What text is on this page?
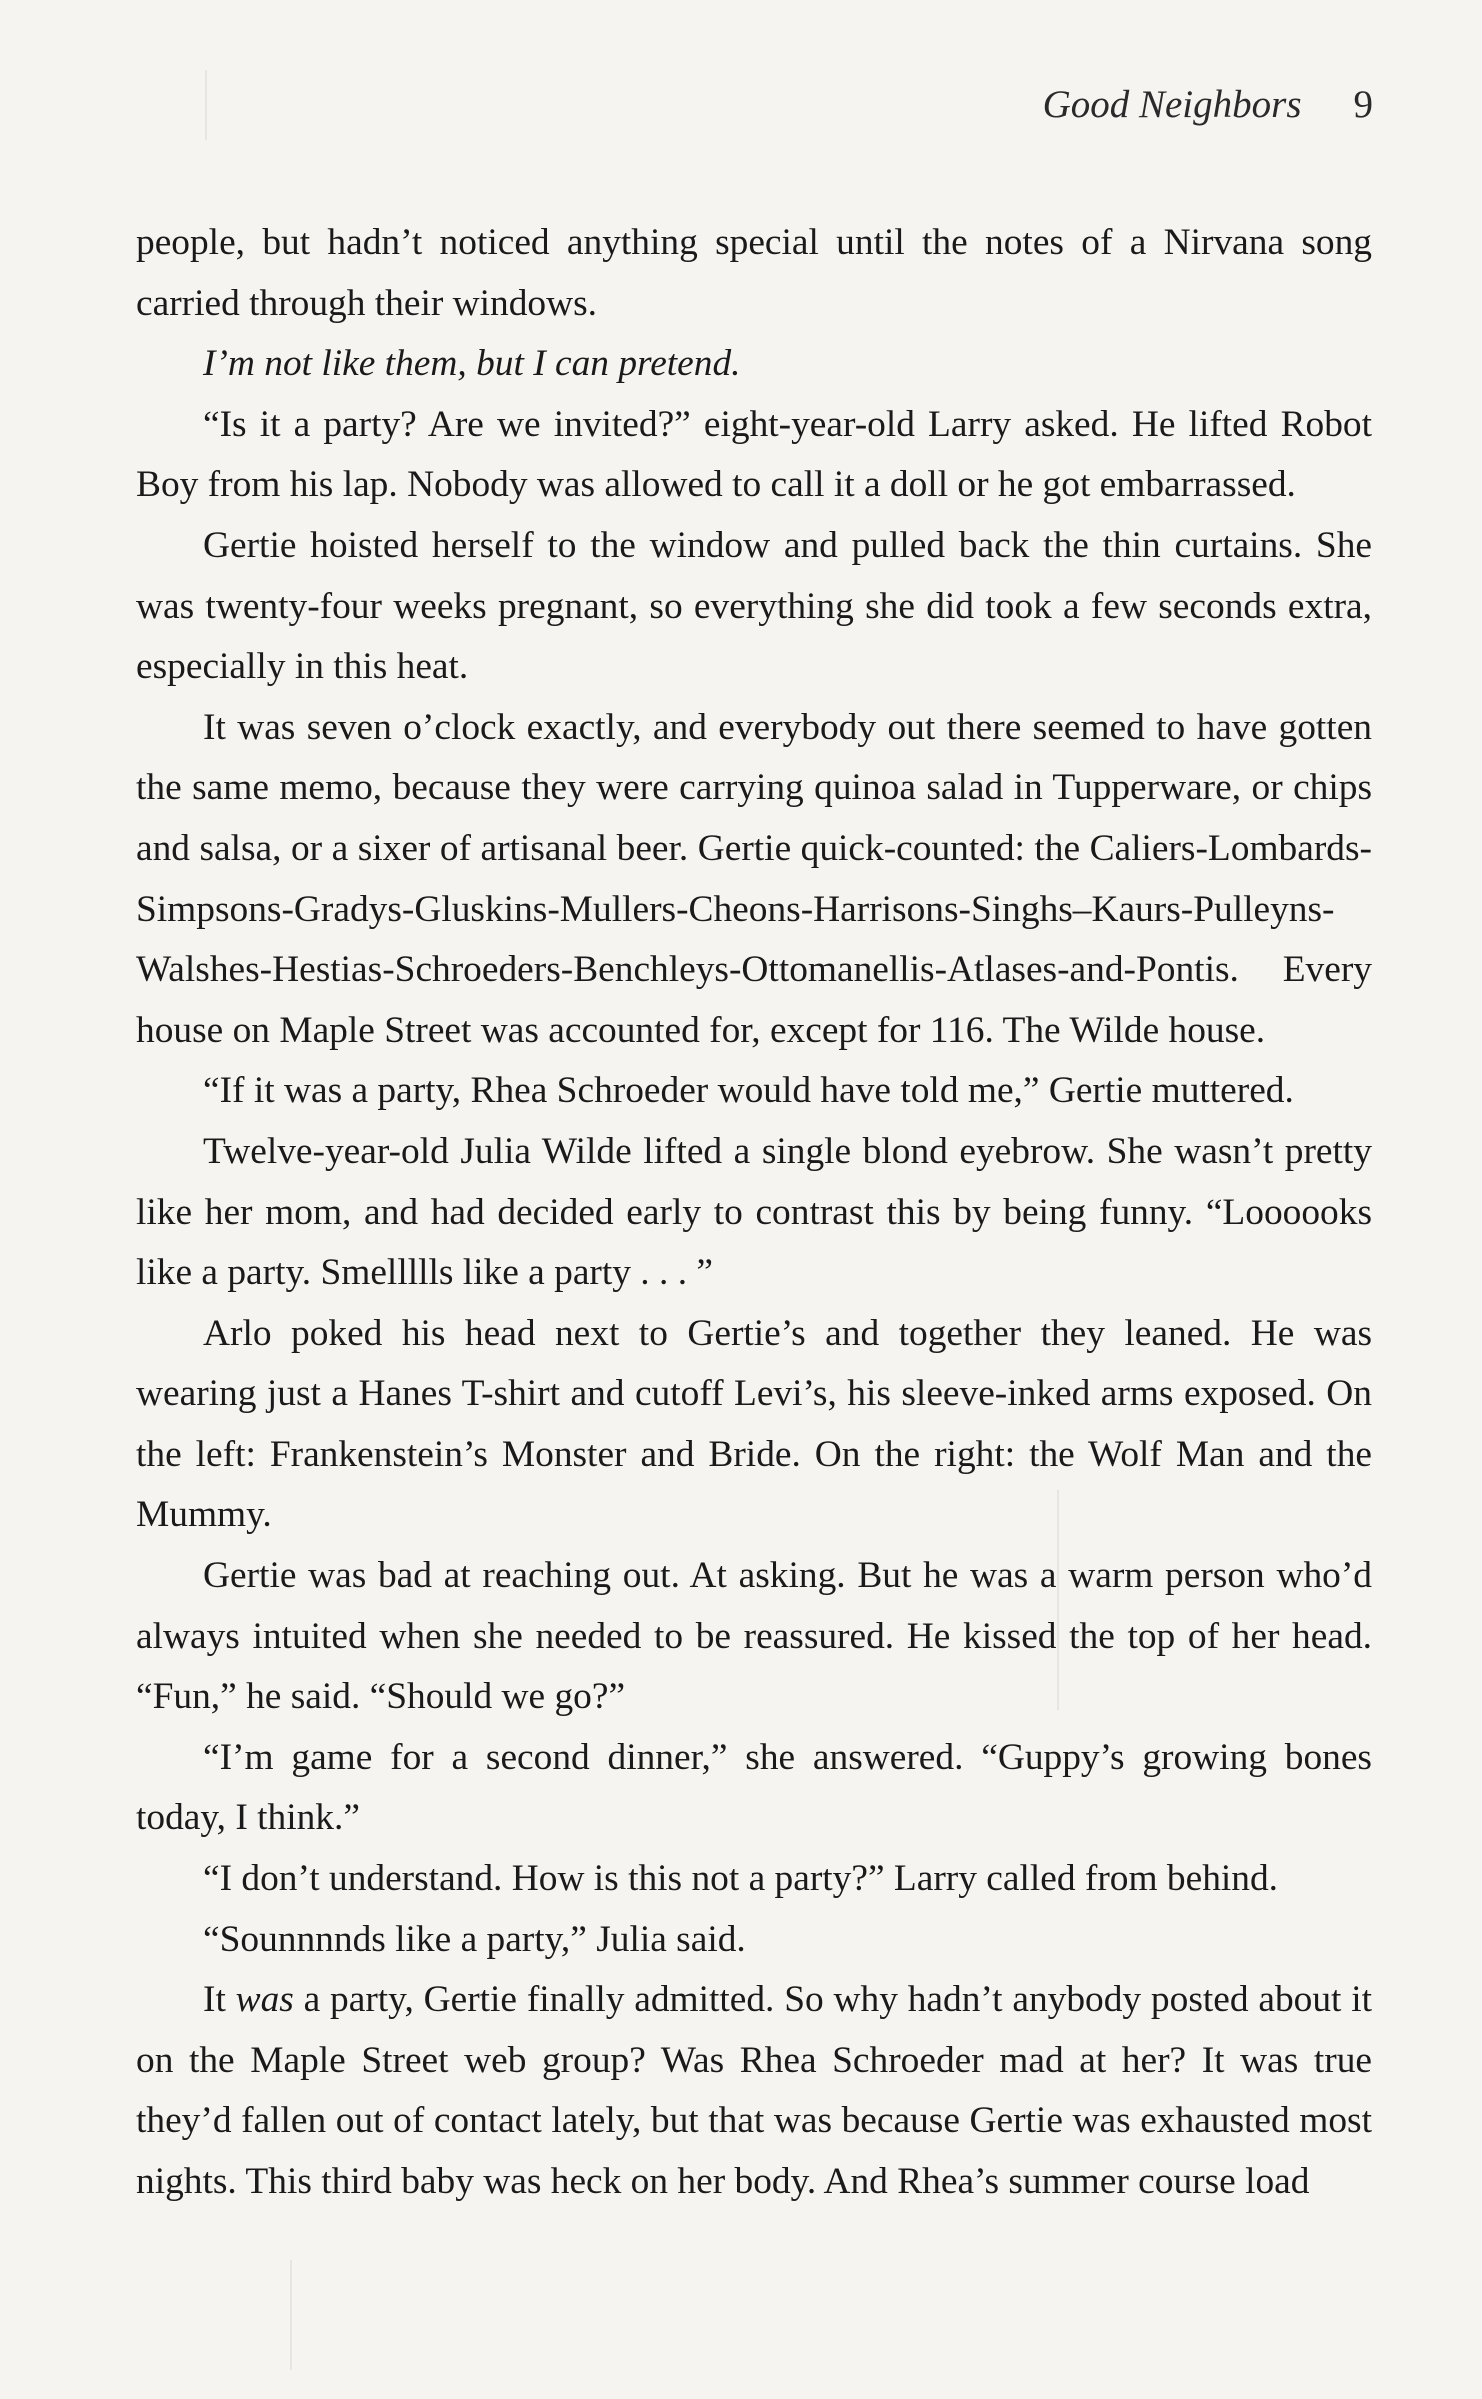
Good Neighbors 9

people, but hadn’t noticed anything special until the notes of a Nirvana song carried through their windows.

I’m not like them, but I can pretend.

“Is it a party? Are we invited?” eight-year-old Larry asked. He lifted Robot Boy from his lap. Nobody was allowed to call it a doll or he got embarrassed.

Gertie hoisted herself to the window and pulled back the thin curtains. She was twenty-four weeks pregnant, so everything she did took a few seconds extra, especially in this heat.

It was seven o’clock exactly, and everybody out there seemed to have gotten the same memo, because they were carrying quinoa salad in Tupperware, or chips and salsa, or a sixer of artisanal beer. Gertie quick-counted: the Caliers-Lombards-Simpsons-Gradys-Gluskins-Mullers-Cheons-Harrisons-Singhs–Kaurs-Pulleyns-Walshes-Hestias-Schroeders-Benchleys-Ottomanellis-Atlases-and-Pontis. Every house on Maple Street was accounted for, except for 116. The Wilde house.

“If it was a party, Rhea Schroeder would have told me,” Gertie muttered.

Twelve-year-old Julia Wilde lifted a single blond eyebrow. She wasn’t pretty like her mom, and had decided early to contrast this by being funny. “Loooooks like a party. Smellllls like a party . . . ”

Arlo poked his head next to Gertie’s and together they leaned. He was wearing just a Hanes T-shirt and cutoff Levi’s, his sleeve-inked arms exposed. On the left: Frankenstein’s Monster and Bride. On the right: the Wolf Man and the Mummy.

Gertie was bad at reaching out. At asking. But he was a warm person who’d always intuited when she needed to be reassured. He kissed the top of her head. “Fun,” he said. “Should we go?”

“I’m game for a second dinner,” she answered. “Guppy’s growing bones today, I think.”

“I don’t understand. How is this not a party?” Larry called from behind.

“Sounnnnds like a party,” Julia said.

It was a party, Gertie finally admitted. So why hadn’t anybody posted about it on the Maple Street web group? Was Rhea Schroeder mad at her? It was true they’d fallen out of contact lately, but that was because Gertie was exhausted most nights. This third baby was heck on her body. And Rhea’s summer course load
